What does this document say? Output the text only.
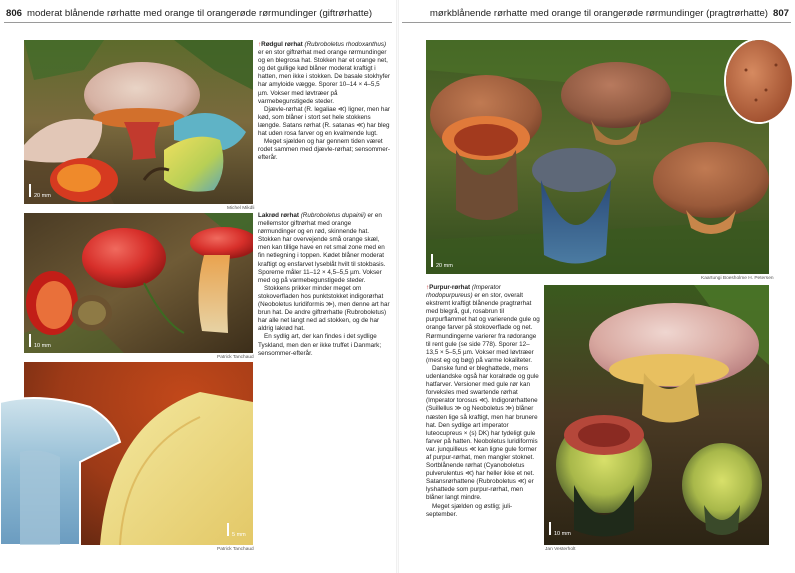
806 moderat blånende rørhatte med orange til orangerøde rørmundinger (giftrørhatte)	mørkblånende rørhatte med orange til orangerøde rørmundinger (pragtrørhatte) 807
20 mm
Michel Mikdli
10 mm
Patrick Tanchaud
5 mm
Patrick Tanchaud

↑Rødgul rørhat (Rubroboletus rhodoxanthus) er en stor giftrørhat med orange rørmundinger og en blegrosa hat. Stokken har et orange net, og det gullige kød blåner moderat kraftigt i hatten, men ikke i stokken. De basale stokhyfer har amyloide vægge. Sporer 10–14 × 4–5,5 µm. Vokser med løvtræer på varmebegunstigede steder.

Djævle-rørhat (R. legaliae ≪) ligner, men har kød, som blåner i stort set hele stokkens længde. Satans rørhat (R. satanas ≪) har bleg hat uden rosa farver og en kvalmende lugt.

Meget sjælden og har gennem tiden været rodet sammen med djævle-rørhat; sensommer-efterår.

Lakrød rørhat (Rubroboletus dupainii) er en mellemstor giftrørhat med orange rørmundinger og en rød, skinnende hat. Stokken har overvejende små orange skæl, men kan tillige have en ret smal zone med en fin netlegning i toppen. Kødet blåner moderat kraftigt og ensfarvet lyseblåt hvilt til stokbasis. Sporerne måler 11–12 × 4,5–5,5 µm. Vokser med og på varmebegunstigede steder.

Stokkens prikker minder meget om stokoverfladen hos punktstokket indigorørhat (Neoboletus luridiformis ≫), men denne art har brun hat. De andre giftrørhatte (Rubroboletus) har alle net langt ned ad stokken, og de har aldrig lakrød hat.

En sydlig art, der kan findes i det sydlige Tyskland, men den er ikke truffet i Danmark; sensommer-efterår.

20 mm
Kaartungi Boesholme H. Petersen
10 mm
Jan Vesterholt

↑Purpur-rørhat (Imperator rhodopurpureus) er en stor, overalt ekstremt kraftigt blånende pragtrørhat med blegrå, gul, rosabrun til purpurflammet hat og varierende gule og orange farver på stokoverflade og net. Rørmundingerne varierer fra rødorange til rent gule (se side 778). Sporer 12–13,5 × 5–5,5 µm. Vokser med løvtræer (mest eg og bøg) på varme lokaliteter.

Danske fund er bleghattede, mens udenlandske også har koralrøde og gule hatfarver. Versioner med gule rør kan forveksles med swartende rørhat (Imperator torosus ≪). Indigorørhattene (Suillellus ≫ og Neoboletus ≫) blåner næsten lige så kraftigt, men har brunere hat. Den sydlige art imperator luteocupreus × (s) DK) har tydeligt gule farver på hatten. Neoboletus luridiformis var. junquilleus ≪ kan ligne gule former af purpur-rørhat, men mangler stoknet. Sortblånende rørhat (Cyanoboletus pulverulentus ≪) har heller ikke et net. Satansrørhattene (Rubroboletus ≪) er lyshattede som purpur-rørhat, men blåner langt mindre.

Meget sjælden og østlig; juli-september.
